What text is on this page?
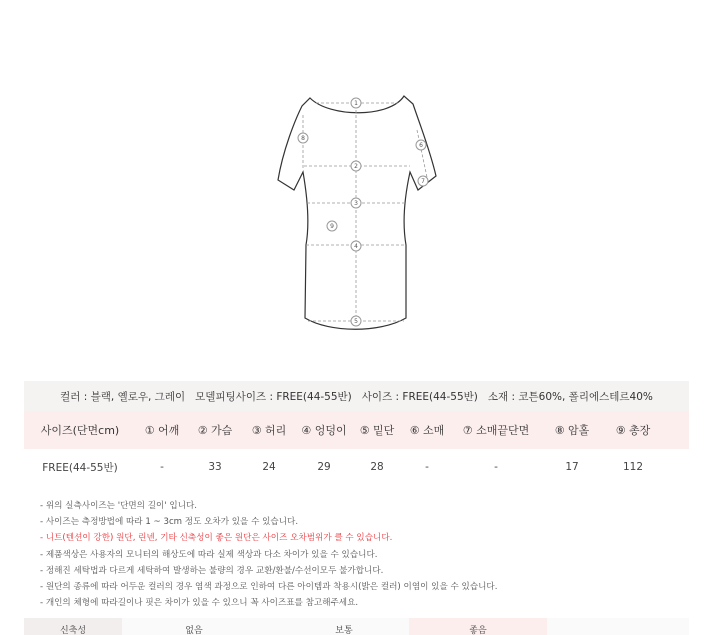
1
2
3
4
5
6
7
8
9
컬러 : 블랙, 옐로우, 그레이 모델피팅사이즈 : FREE(44-55반) 사이즈 : FREE(44-55반) 소재 : 코튼60%, 폴리에스테르40%
사이즈(단면cm)	① 어깨	② 가슴	③ 허리	④ 엉덩이	⑤ 밑단	⑥ 소매	⑦ 소매끝단면	⑧ 암홀	⑨ 총장
FREE(44-55반)	-	33	24	29	28	-	-	17	112
- 위의 실측사이즈는 '단면의 길이' 입니다.
- 사이즈는 측정방법에 따라 1 ~ 3cm 정도 오차가 있을 수 있습니다.
- 니트(텐션이 강한) 원단, 린넨, 기타 신축성이 좋은 원단은 사이즈 오차범위가 클 수 있습니다.
- 제품색상은 사용자의 모니터의 해상도에 따라 실제 색상과 다소 차이가 있을 수 있습니다.
- 정해진 세탁법과 다르게 세탁하여 발생하는 불량의 경우 교환/환불/수선이모두 불가합니다.
- 원단의 종류에 따라 어두운 컬러의 경우 염색 과정으로 인하여 다른 아이템과 착용시(밝은 컬러) 이염이 있을 수 있습니다.
- 개인의 체형에 따라길이나 핏은 차이가 있을 수 있으니 꼭 사이즈표를 참고해주세요.
신축성	없음	보통	좋음
